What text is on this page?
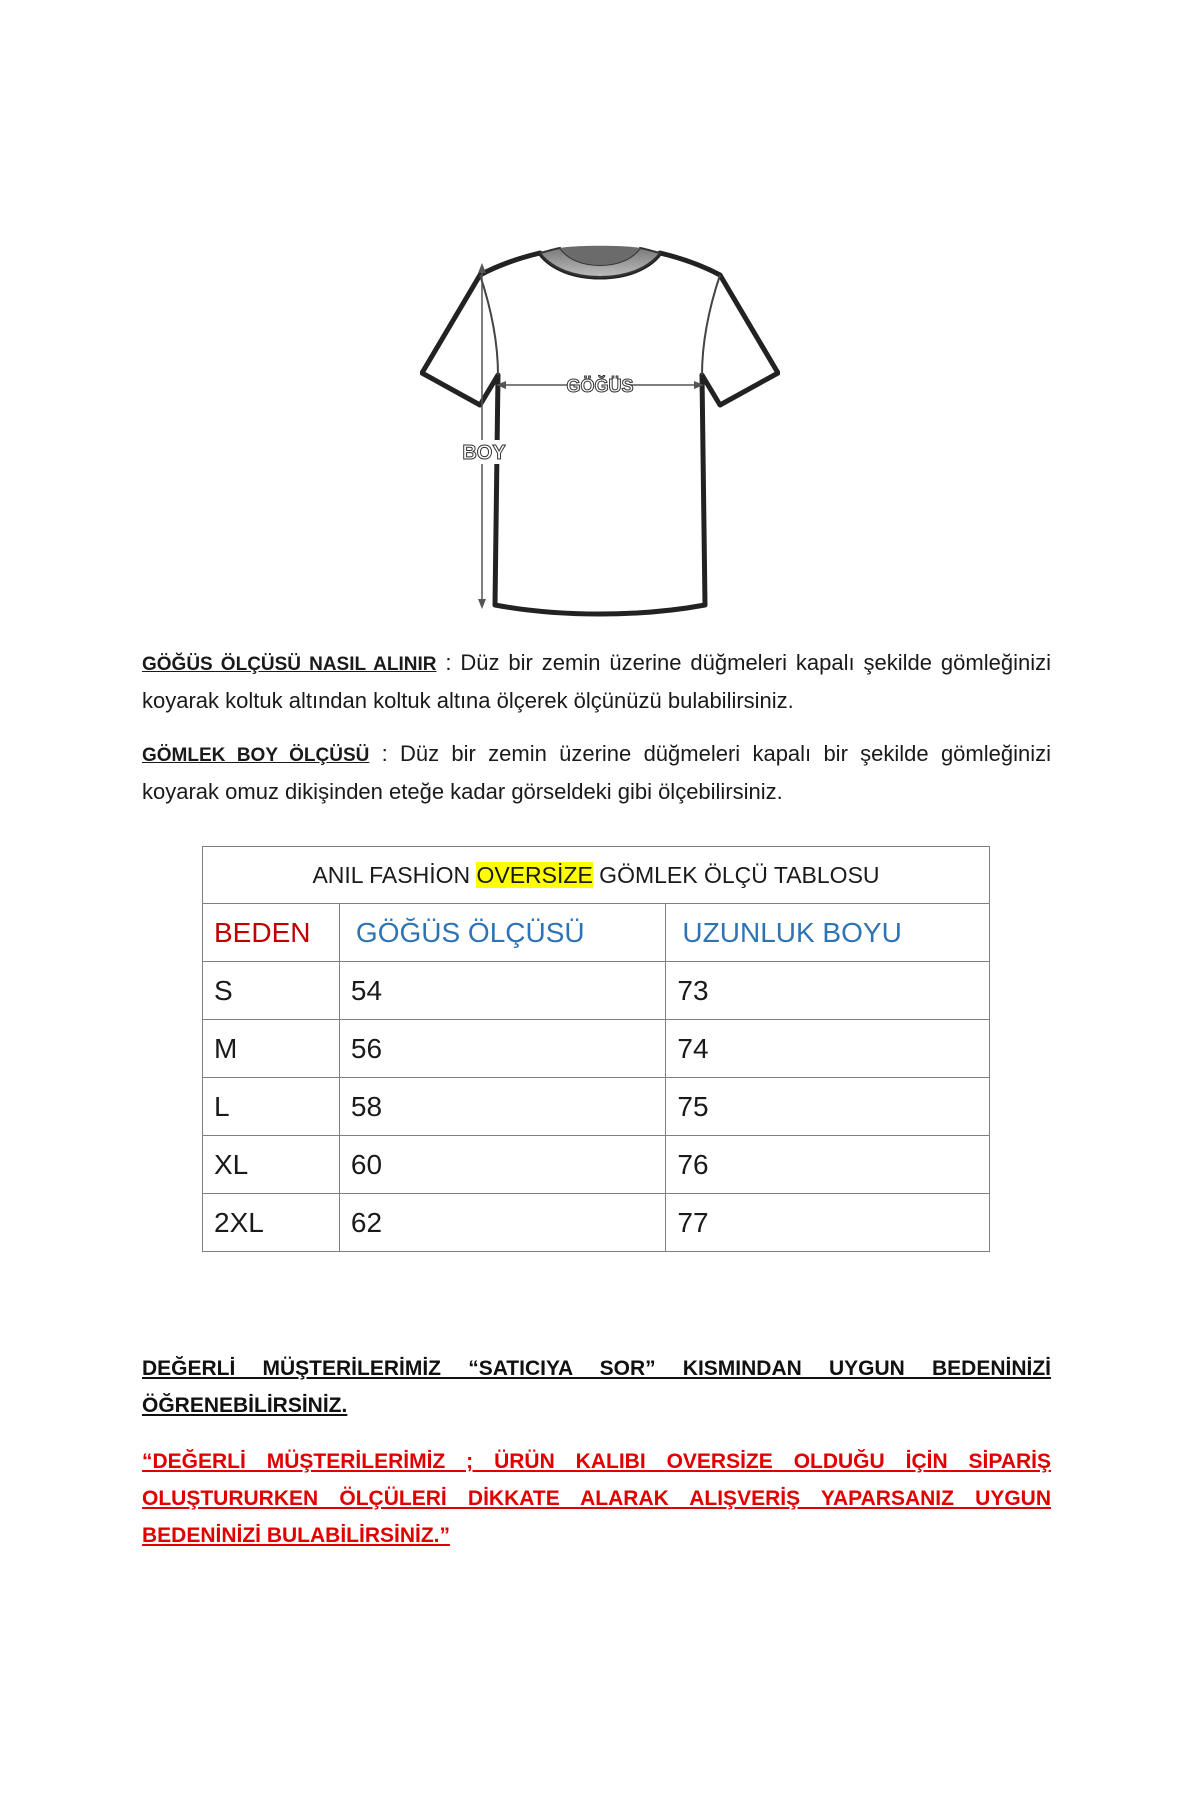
GÖĞÜS
BOY

GÖĞÜS ÖLÇÜSÜ NASIL ALINIR : Düz bir zemin üzerine düğmeleri kapalı şekilde gömleğinizi koyarak koltuk altından koltuk altına ölçerek ölçünüzü bulabilirsiniz.

GÖMLEK BOY ÖLÇÜSÜ : Düz bir zemin üzerine düğmeleri kapalı bir şekilde gömleğinizi koyarak omuz dikişinden eteğe kadar görseldeki gibi ölçebilirsiniz.

ANIL FASHİON OVERSİZE GÖMLEK ÖLÇÜ TABLOSU		
BEDEN	GÖĞÜS ÖLÇÜSÜ	UZUNLUK BOYU
S	54	73
M	56	74
L	58	75
XL	60	76
2XL	62	77

DEĞERLİ MÜŞTERİLERİMİZ “SATICIYA SOR” KISMINDAN UYGUN BEDENİNİZİ ÖĞRENEBİLİRSİNİZ.

“DEĞERLİ MÜŞTERİLERİMİZ ; ÜRÜN KALIBI OVERSİZE OLDUĞU İÇİN SİPARİŞ OLUŞTURURKEN ÖLÇÜLERİ DİKKATE ALARAK ALIŞVERİŞ YAPARSANIZ UYGUN BEDENİNİZİ BULABİLİRSİNİZ.”
